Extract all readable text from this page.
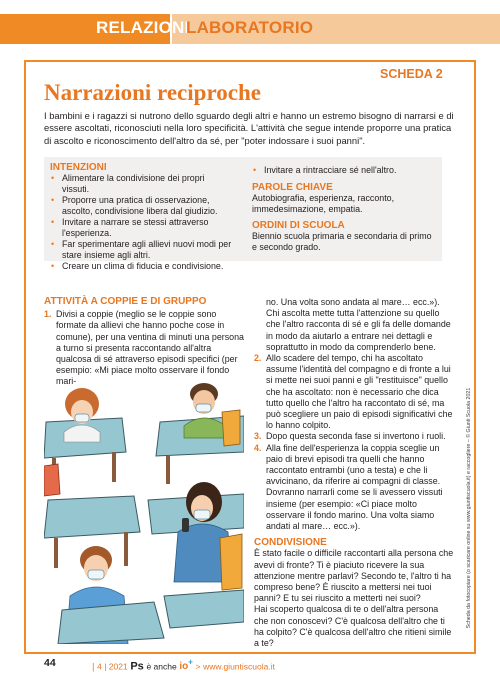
RELAZIONI
LABORATORIO
SCHEDA 2
Narrazioni reciproche
I bambini e i ragazzi si nutrono dello sguardo degli altri e hanno un estremo bisogno di narrarsi e di essere ascoltati, riconosciuti nella loro specificità. L'attività che segue intende proporre una pratica di ascolto e riconoscimento dell'altro da sé, per "poter indossare i suoi panni".
INTENZIONI
• Alimentare la condivisione dei propri vissuti.
• Proporre una pratica di osservazione, ascolto, condivisione libera dal giudizio.
• Invitare a narrare se stessi attraverso l'esperienza.
• Far sperimentare agli allievi nuovi modi per stare insieme agli altri.
• Creare un clima di fiducia e condivisione.
• Invitare a rintracciare sé nell'altro.
PAROLE CHIAVE

Autobiografia, esperienza, racconto, immedesimazione, empatia.

ORDINI DI SCUOLA

Biennio scuola primaria e secondaria di primo e secondo grado.

ATTIVITÀ A COPPIE E DI GRUPPO
1. Divisi a coppie (meglio se le coppie sono formate da allievi che hanno poche cose in comune), per una ventina di minuti una persona a turno si presenta raccontando all'altra qualcosa di sé attraverso episodi specifici (per esempio: «Mi piace molto osservare il fondo mari-

no. Una volta sono andata al mare… ecc.»). Chi ascolta mette tutta l'attenzione su quello che l'altro racconta di sé e gli fa delle domande in modo da aiutarlo a entrare nei dettagli e soprattutto in modo da comprenderlo bene.

2. Allo scadere del tempo, chi ha ascoltato assume l'identità del compagno e di fronte a lui si mette nei suoi panni e gli "restituisce" quello che ha ascoltato: non è necessario che dica tutto quello che l'altro ha raccontato di sé, ma può scegliere un paio di episodi significativi che lo hanno colpito.
3. Dopo questa seconda fase si invertono i ruoli.
4. Alla fine dell'esperienza la coppia sceglie un paio di brevi episodi tra quelli che hanno raccontato entrambi (uno a testa) e che li avvicinano, da riferire ai compagni di classe. Dovranno narrarli come se li avessero vissuti insieme (per esempio: «Ci piace molto osservare il fondo marino. Una volta siamo andati al mare… ecc.»).
CONDIVISIONE

È stato facile o difficile raccontarti alla persona che avevi di fronte? Ti è piaciuto ricevere la sua attenzione mentre parlavi? Secondo te, l'altro ti ha compreso bene? È riuscito a mettersi nei tuoi panni? E tu sei riuscito a metterti nei suoi?

Hai scoperto qualcosa di te o dell'altra persona che non conoscevi? C'è qualcosa dell'altro che ti ha colpito? C'è qualcosa dell'altro che ritieni simile a te?

Scheda da fotocopiare (o scaricare online su www.giuntiscuola.it) e raccogliere – © Giunti Scuola 2021
44	| 4 | 2021 Ps è anche io+ > www.giuntiscuola.it
